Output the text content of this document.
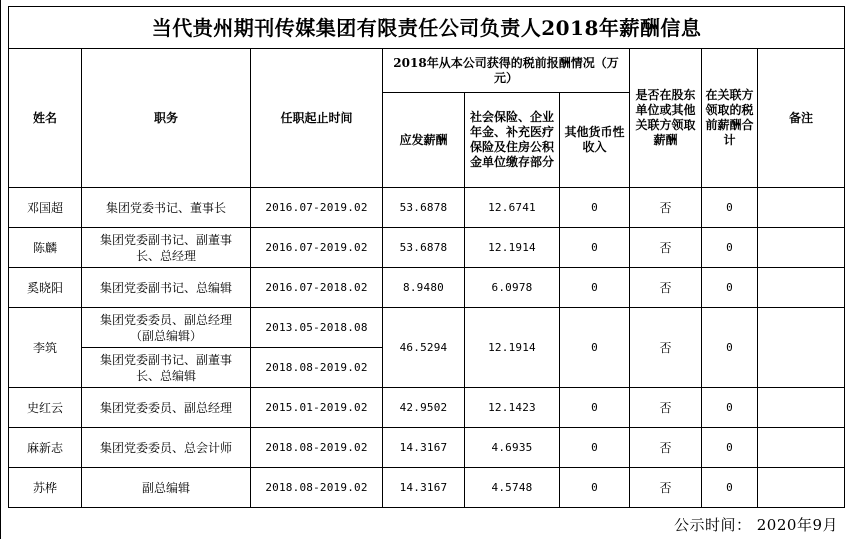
当代贵州期刊传媒集团有限责任公司负责人2018年薪酬信息								
姓名	职务	任职起止时间	2018年从本公司获得的税前报酬情况（万元）			是否在股东单位或其他关联方领取薪酬	在关联方领取的税前薪酬合计	备注
			应发薪酬	社会保险、企业年金、补充医疗保险及住房公积金单位缴存部分	其他货币性收入			
邓国超	集团党委书记、董事长	2016.07-2019.02	53.6878	12.6741	0	否	0	
陈麟	集团党委副书记、副董事长、总经理	2016.07-2019.02	53.6878	12.1914	0	否	0	
奚晓阳	集团党委副书记、总编辑	2016.07-2018.02	8.9480	6.0978	0	否	0	
李筑	集团党委委员、副总经理（副总编辑）	2013.05-2018.08	46.5294	12.1914	0	否	0	
	集团党委副书记、副董事长、总编辑	2018.08-2019.02						
史红云	集团党委委员、副总经理	2015.01-2019.02	42.9502	12.1423	0	否	0	
麻新志	集团党委委员、总会计师	2018.08-2019.02	14.3167	4.6935	0	否	0	
苏桦	副总编辑	2018.08-2019.02	14.3167	4.5748	0	否	0	
公示时间： 2020年9月
